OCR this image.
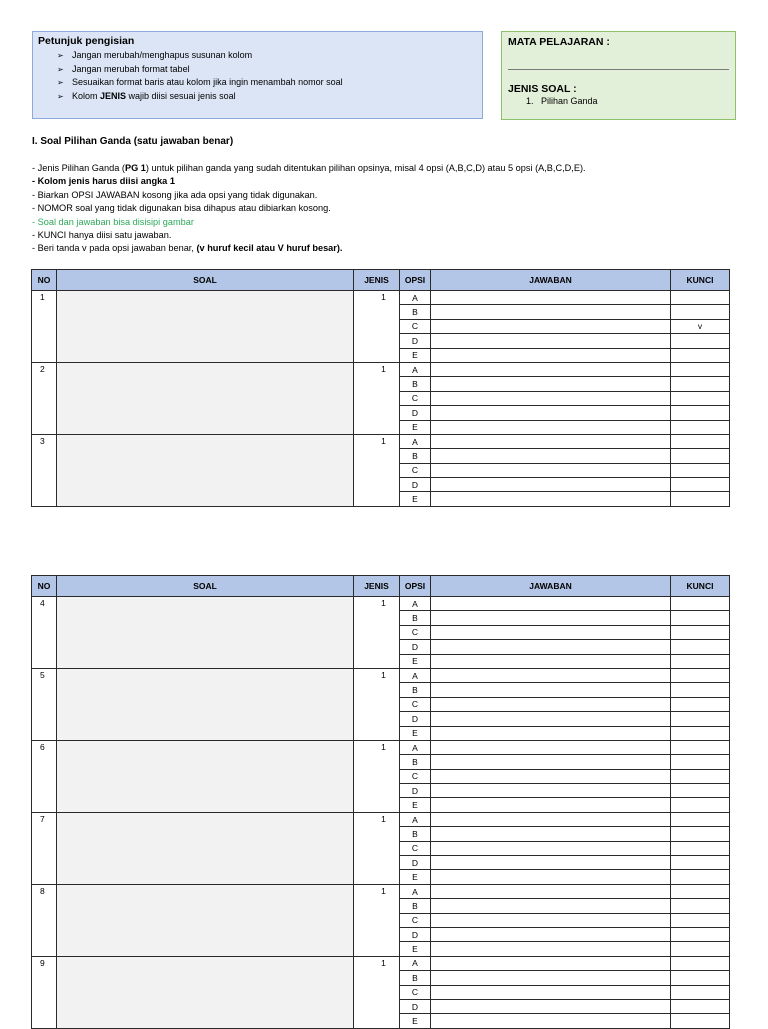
Petunjuk pengisian
➢ Jangan merubah/menghapus susunan kolom
➢ Jangan merubah format tabel
➢ Sesuaikan format baris atau kolom jika ingin menambah nomor soal
➢ Kolom JENIS wajib diisi sesuai jenis soal
MATA PELAJARAN :
JENIS SOAL :
1. Pilihan Ganda
I. Soal Pilihan Ganda (satu jawaban benar)
- Jenis Pilihan Ganda (PG 1) untuk pilihan ganda yang sudah ditentukan pilihan opsinya, misal 4 opsi (A,B,C,D) atau 5 opsi (A,B,C,D,E).
- Kolom jenis harus diisi angka 1
- Biarkan OPSI JAWABAN kosong jika ada opsi yang tidak digunakan.
- NOMOR soal yang tidak digunakan bisa dihapus atau dibiarkan kosong.
- Soal dan jawaban bisa disisipi gambar
- KUNCI hanya diisi satu jawaban.
- Beri tanda v pada opsi jawaban benar, (v huruf kecil atau V huruf besar).
NO	SOAL	JENIS	OPSI	JAWABAN	KUNCI
1		1	A		
			B		
			C		v
			D		
			E		
2		1	A		
			B		
			C		
			D		
			E		
3		1	A		
			B		
			C		
			D		
			E		
NO	SOAL	JENIS	OPSI	JAWABAN	KUNCI
4		1	A		
			B		
			C		
			D		
			E		
5		1	A		
			B		
			C		
			D		
			E		
6		1	A		
			B		
			C		
			D		
			E		
7		1	A		
			B		
			C		
			D		
			E		
8		1	A		
			B		
			C		
			D		
			E		
9		1	A		
			B		
			C		
			D		
			E		
